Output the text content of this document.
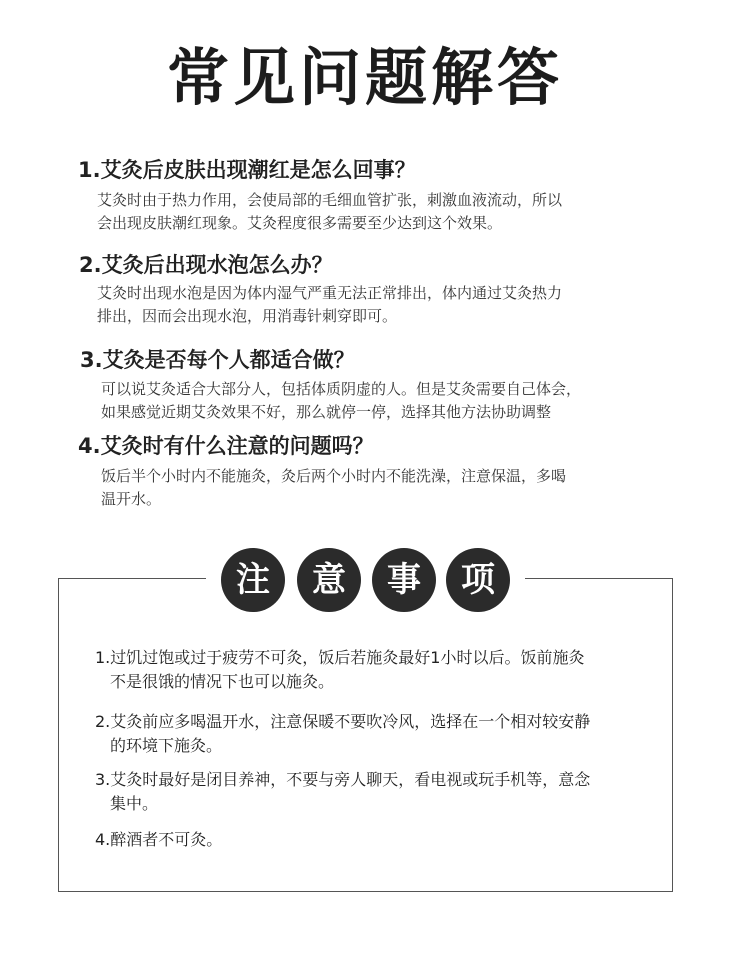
常见问题解答
1.艾灸后皮肤出现潮红是怎么回事？
艾灸时由于热力作用，会使局部的毛细血管扩张，刺激血液流动，所以
会出现皮肤潮红现象。艾灸程度很多需要至少达到这个效果。
2.艾灸后出现水泡怎么办？
艾灸时出现水泡是因为体内湿气严重无法正常排出，体内通过艾灸热力
排出，因而会出现水泡，用消毒针刺穿即可。
3.艾灸是否每个人都适合做？
可以说艾灸适合大部分人，包括体质阴虚的人。但是艾灸需要自己体会，
如果感觉近期艾灸效果不好，那么就停一停，选择其他方法协助调整
4.艾灸时有什么注意的问题吗？
饭后半个小时内不能施灸，灸后两个小时内不能洗澡，注意保温，多喝
温开水。
注	意	事	项
1.过饥过饱或过于疲劳不可灸，饭后若施灸最好1小时以后。饭前施灸
不是很饿的情况下也可以施灸。
2.艾灸前应多喝温开水，注意保暖不要吹冷风，选择在一个相对较安静
的环境下施灸。
3.艾灸时最好是闭目养神，不要与旁人聊天，看电视或玩手机等，意念
集中。
4.醉酒者不可灸。
